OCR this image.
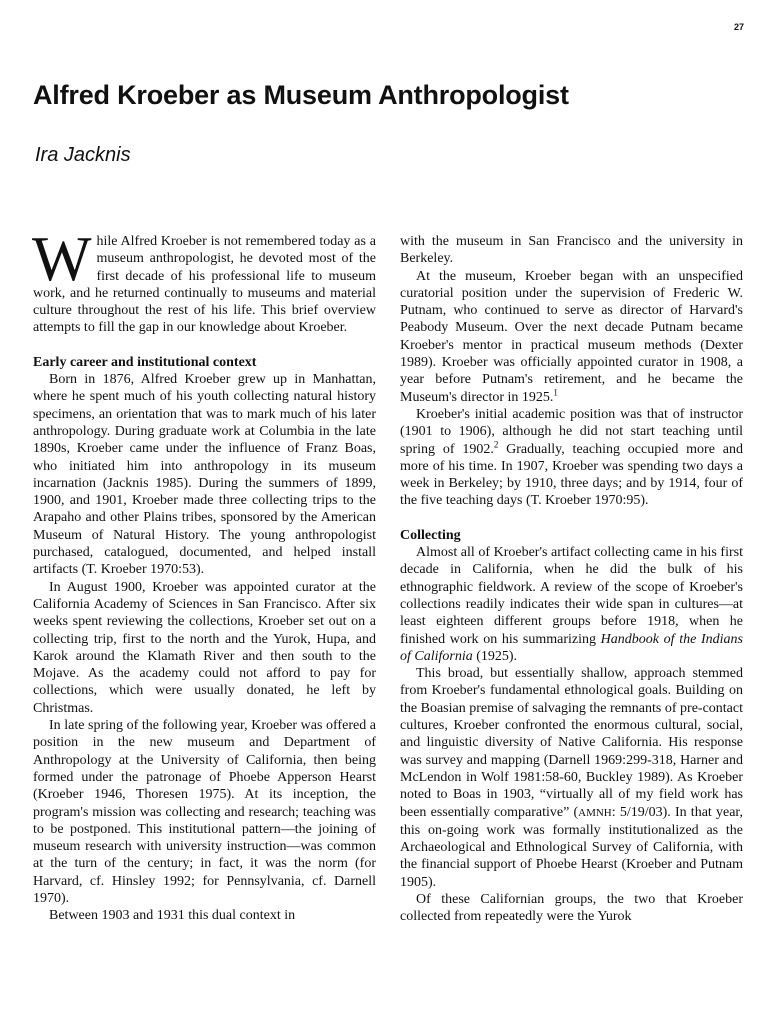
27
Alfred Kroeber as Museum Anthropologist
Ira Jacknis

While Alfred Kroeber is not remembered today as a museum anthropologist, he devoted most of the first decade of his professional life to museum work, and he returned continually to museums and material culture throughout the rest of his life. This brief overview attempts to fill the gap in our knowledge about Kroeber.

Early career and institutional context

Born in 1876, Alfred Kroeber grew up in Manhattan, where he spent much of his youth collecting natural history specimens, an orientation that was to mark much of his later anthropology. During graduate work at Columbia in the late 1890s, Kroeber came under the influence of Franz Boas, who initiated him into anthropology in its museum incarnation (Jacknis 1985). During the summers of 1899, 1900, and 1901, Kroeber made three collecting trips to the Arapaho and other Plains tribes, sponsored by the American Museum of Natural History. The young anthropologist purchased, catalogued, documented, and helped install artifacts (T. Kroeber 1970:53).

In August 1900, Kroeber was appointed curator at the California Academy of Sciences in San Francisco. After six weeks spent reviewing the collections, Kroeber set out on a collecting trip, first to the north and the Yurok, Hupa, and Karok around the Klamath River and then south to the Mojave. As the academy could not afford to pay for collections, which were usually donated, he left by Christmas.

In late spring of the following year, Kroeber was offered a position in the new museum and Department of Anthropology at the University of California, then being formed under the patronage of Phoebe Apperson Hearst (Kroeber 1946, Thoresen 1975). At its inception, the program's mission was collecting and research; teaching was to be postponed. This institutional pattern—the joining of museum research with university instruction—was common at the turn of the century; in fact, it was the norm (for Harvard, cf. Hinsley 1992; for Pennsylvania, cf. Darnell 1970).

Between 1903 and 1931 this dual context in

with the museum in San Francisco and the university in Berkeley.

At the museum, Kroeber began with an unspecified curatorial position under the supervision of Frederic W. Putnam, who continued to serve as director of Harvard's Peabody Museum. Over the next decade Putnam became Kroeber's mentor in practical museum methods (Dexter 1989). Kroeber was officially appointed curator in 1908, a year before Putnam's retirement, and he became the Museum's director in 1925.$^1$

Kroeber's initial academic position was that of instructor (1901 to 1906), although he did not start teaching until spring of 1902.$^2$ Gradually, teaching occupied more and more of his time. In 1907, Kroeber was spending two days a week in Berkeley; by 1910, three days; and by 1914, four of the five teaching days (T. Kroeber 1970:95).

Collecting

Almost all of Kroeber's artifact collecting came in his first decade in California, when he did the bulk of his ethnographic fieldwork. A review of the scope of Kroeber's collections readily indicates their wide span in cultures—at least eighteen different groups before 1918, when he finished work on his summarizing Handbook of the Indians of California (1925).

This broad, but essentially shallow, approach stemmed from Kroeber's fundamental ethnological goals. Building on the Boasian premise of salvaging the remnants of pre-contact cultures, Kroeber confronted the enormous cultural, social, and linguistic diversity of Native California. His response was survey and mapping (Darnell 1969:299-318, Harner and McLendon in Wolf 1981:58-60, Buckley 1989). As Kroeber noted to Boas in 1903, “virtually all of my field work has been essentially comparative” (AMNH: 5/19/03). In that year, this on-going work was formally institutionalized as the Archaeological and Ethnological Survey of California, with the financial support of Phoebe Hearst (Kroeber and Putnam 1905).

Of these Californian groups, the two that Kroeber collected from repeatedly were the Yurok
